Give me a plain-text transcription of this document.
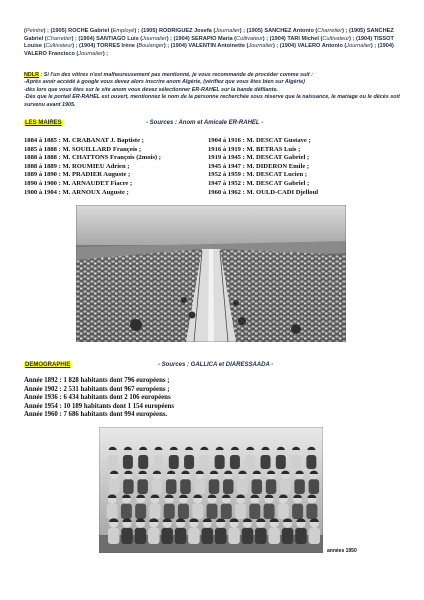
(Peintre) ; (1905) ROCHE Gabriel (Employé) ; (1905) RODRIGUEZ Josefa (Journalier) ; (1905) SANCHEZ Antonio (Charretier) ; (1905) SANCHEZ Gabriel (Charretier) ; (1904) SANTIAGO Luis (Journalier) ; (1904) SERAPIO Maria (Cultivateur) ; (1904) TARI Michel (Cultivateur) ; (1904) TISSOT Louise (Cultivateur) ; (1904) TORRES Irène (Boulanger) ; (1904) VALENTIN Antoinette (Journalier) ; (1904) VALERO Antonio (Journalier) ; (1904) VALERO Francisco (Journalier) ;
NDLR : Si l'un des vôtres n'est malheureusement pas mentionné, je vous recommande de procéder comme suit :
-Après avoir accédé à google vous devez alors inscrire anom Algérie, (vérifiez que vous êtes bien sur Algérie)
-dès lors que vous êtes sur le site anom vous devez sélectionner ER-RAHEL sur la bande défilante.
-Dès que le portail ER-RAHEL est ouvert, mentionnez le nom de la personne recherchée sous réserve que la naissance, le mariage ou le décès soit survenu avant 1905.
LES MAIRES	- Sources : Anom et Amicale ER-RAHEL -
1884 à 1885 : M. CRABANAT J. Baptiste ;
1885 à 1888 : M. SOUILLARD François ;
1888 à 1888 : M. CHATTONS François (2mois) ;
1888 à 1889 : M. ROUMIEU Adrien ;
1889 à 1890 : M. PRADIER Auguste ;
1890 à 1900 : M. ARNAUDET Fiacre ;
1900 à 1904 : M. ARNOUX Auguste ;
1904 à 1916 : M. DESCAT Gustave ;
1916 à 1919 : M. BETRAS Luis ;
1919 à 1945 : M. DESCAT Gabriel ;
1945 à 1947 : M. DIDERON Emile ;
1952 à 1959 : M. DESCAT Lucien ;
1947 à 1952 : M. DESCAT Gabriel ;
1960 à 1962 : M. OULD-CADI Djelloul
DEMOGRAPHIE	- Sources : GALLICA et DIARESSAADA -
Année 1892 : 1 828 habitants dont 796 européens ;
Année 1902 : 2 531 habitants dont 967 européens ;
Année 1936 : 6 434 habitants dont 2 106 européens
Année 1954 : 10 189 habitants dont 1 154 européens
Année 1960 : 7 686 habitants dont 994 européens.
années 1950
